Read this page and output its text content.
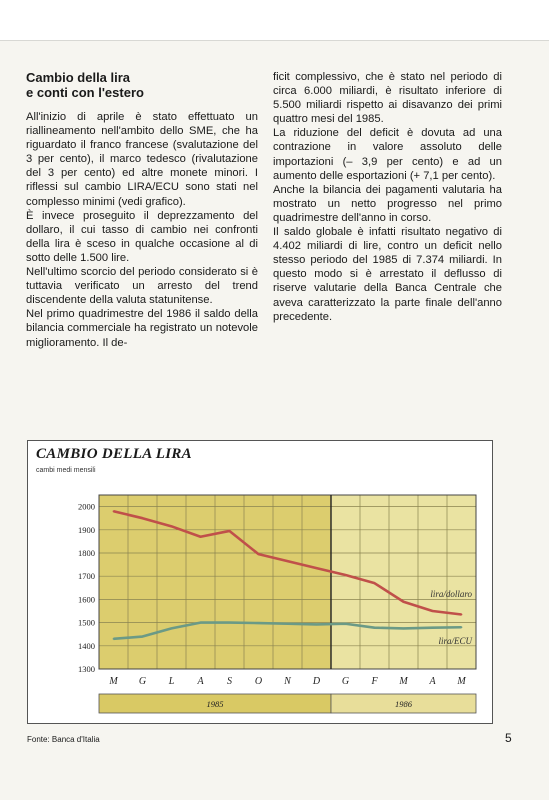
Cambio della lira
e conti con l'estero

All'inizio di aprile è stato effettuato un riallineamento nell'ambito dello SME, che ha riguardato il franco francese (svalutazione del 3 per cento), il marco tedesco (rivalutazione del 3 per cento) ed altre monete minori. I riflessi sul cambio LIRA/ECU sono stati nel complesso minimi (vedi grafico).

È invece proseguito il deprezzamento del dollaro, il cui tasso di cambio nei confronti della lira è sceso in qualche occasione al di sotto delle 1.500 lire.

Nell'ultimo scorcio del periodo considerato si è tuttavia verificato un arresto del trend discendente della valuta statunitense.

Nel primo quadrimestre del 1986 il saldo della bilancia commerciale ha registrato un notevole miglioramento. Il de-

ficit complessivo, che è stato nel periodo di circa 6.000 miliardi, è risultato inferiore di 5.500 miliardi rispetto ai disavanzo dei primi quattro mesi del 1985.

La riduzione del deficit è dovuta ad una contrazione in valore assoluto delle importazioni (– 3,9 per cento) e ad un aumento delle esportazioni (+ 7,1 per cento).

Anche la bilancia dei pagamenti valutaria ha mostrato un netto progresso nel primo quadrimestre dell'anno in corso.

Il saldo globale è infatti risultato negativo di 4.402 miliardi di lire, contro un deficit nello stesso periodo del 1985 di 7.374 miliardi. In questo modo si è arrestato il deflusso di riserve valutarie della Banca Centrale che aveva caratterizzato la parte finale dell'anno precedente.

CAMBIO DELLA LIRA
cambi medi mensili
1300
1400
1500
1600
1700
1800
1900
2000
M G L A S O N D G F M A M
lira/dollaro
lira/ECU
1985	1986
Fonte: Banca d'Italia	5
